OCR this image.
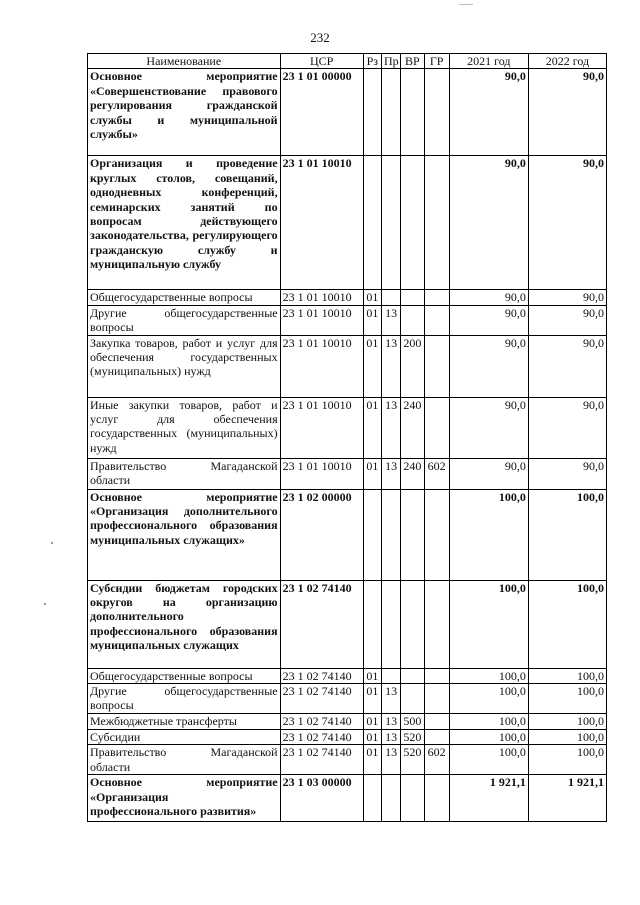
232
Наименование	ЦСР	Рз	Пр	ВР	ГР	2021 год	2022 год
Основное мероприятие «Совершенствование правового регулирования гражданской службы и муниципальной службы»	23 1 01 00000					90,0	90,0
Организация и проведение круглых столов, совещаний, однодневных конференций, семинарских занятий по вопросам действующего законодательства, регулирующего гражданскую службу и муниципальную службу	23 1 01 10010					90,0	90,0
Общегосударственные вопросы	23 1 01 10010	01				90,0	90,0
Другие общегосударственные вопросы	23 1 01 10010	01	13			90,0	90,0
Закупка товаров, работ и услуг для обеспечения государственных (муниципальных) нужд	23 1 01 10010	01	13	200		90,0	90,0
Иные закупки товаров, работ и услуг для обеспечения государственных (муниципальных) нужд	23 1 01 10010	01	13	240		90,0	90,0
Правительство Магаданской области	23 1 01 10010	01	13	240	602	90,0	90,0
Основное мероприятие «Организация дополнительного профессионального образования муниципальных служащих»	23 1 02 00000					100,0	100,0
Субсидии бюджетам городских округов на организацию дополнительного профессионального образования муниципальных служащих	23 1 02 74140					100,0	100,0
Общегосударственные вопросы	23 1 02 74140	01				100,0	100,0
Другие общегосударственные вопросы	23 1 02 74140	01	13			100,0	100,0
Межбюджетные трансферты	23 1 02 74140	01	13	500		100,0	100,0
Субсидии	23 1 02 74140	01	13	520		100,0	100,0
Правительство Магаданской области	23 1 02 74140	01	13	520	602	100,0	100,0
Основное мероприятие «Организация профессионального развития»	23 1 03 00000					1 921,1	1 921,1
